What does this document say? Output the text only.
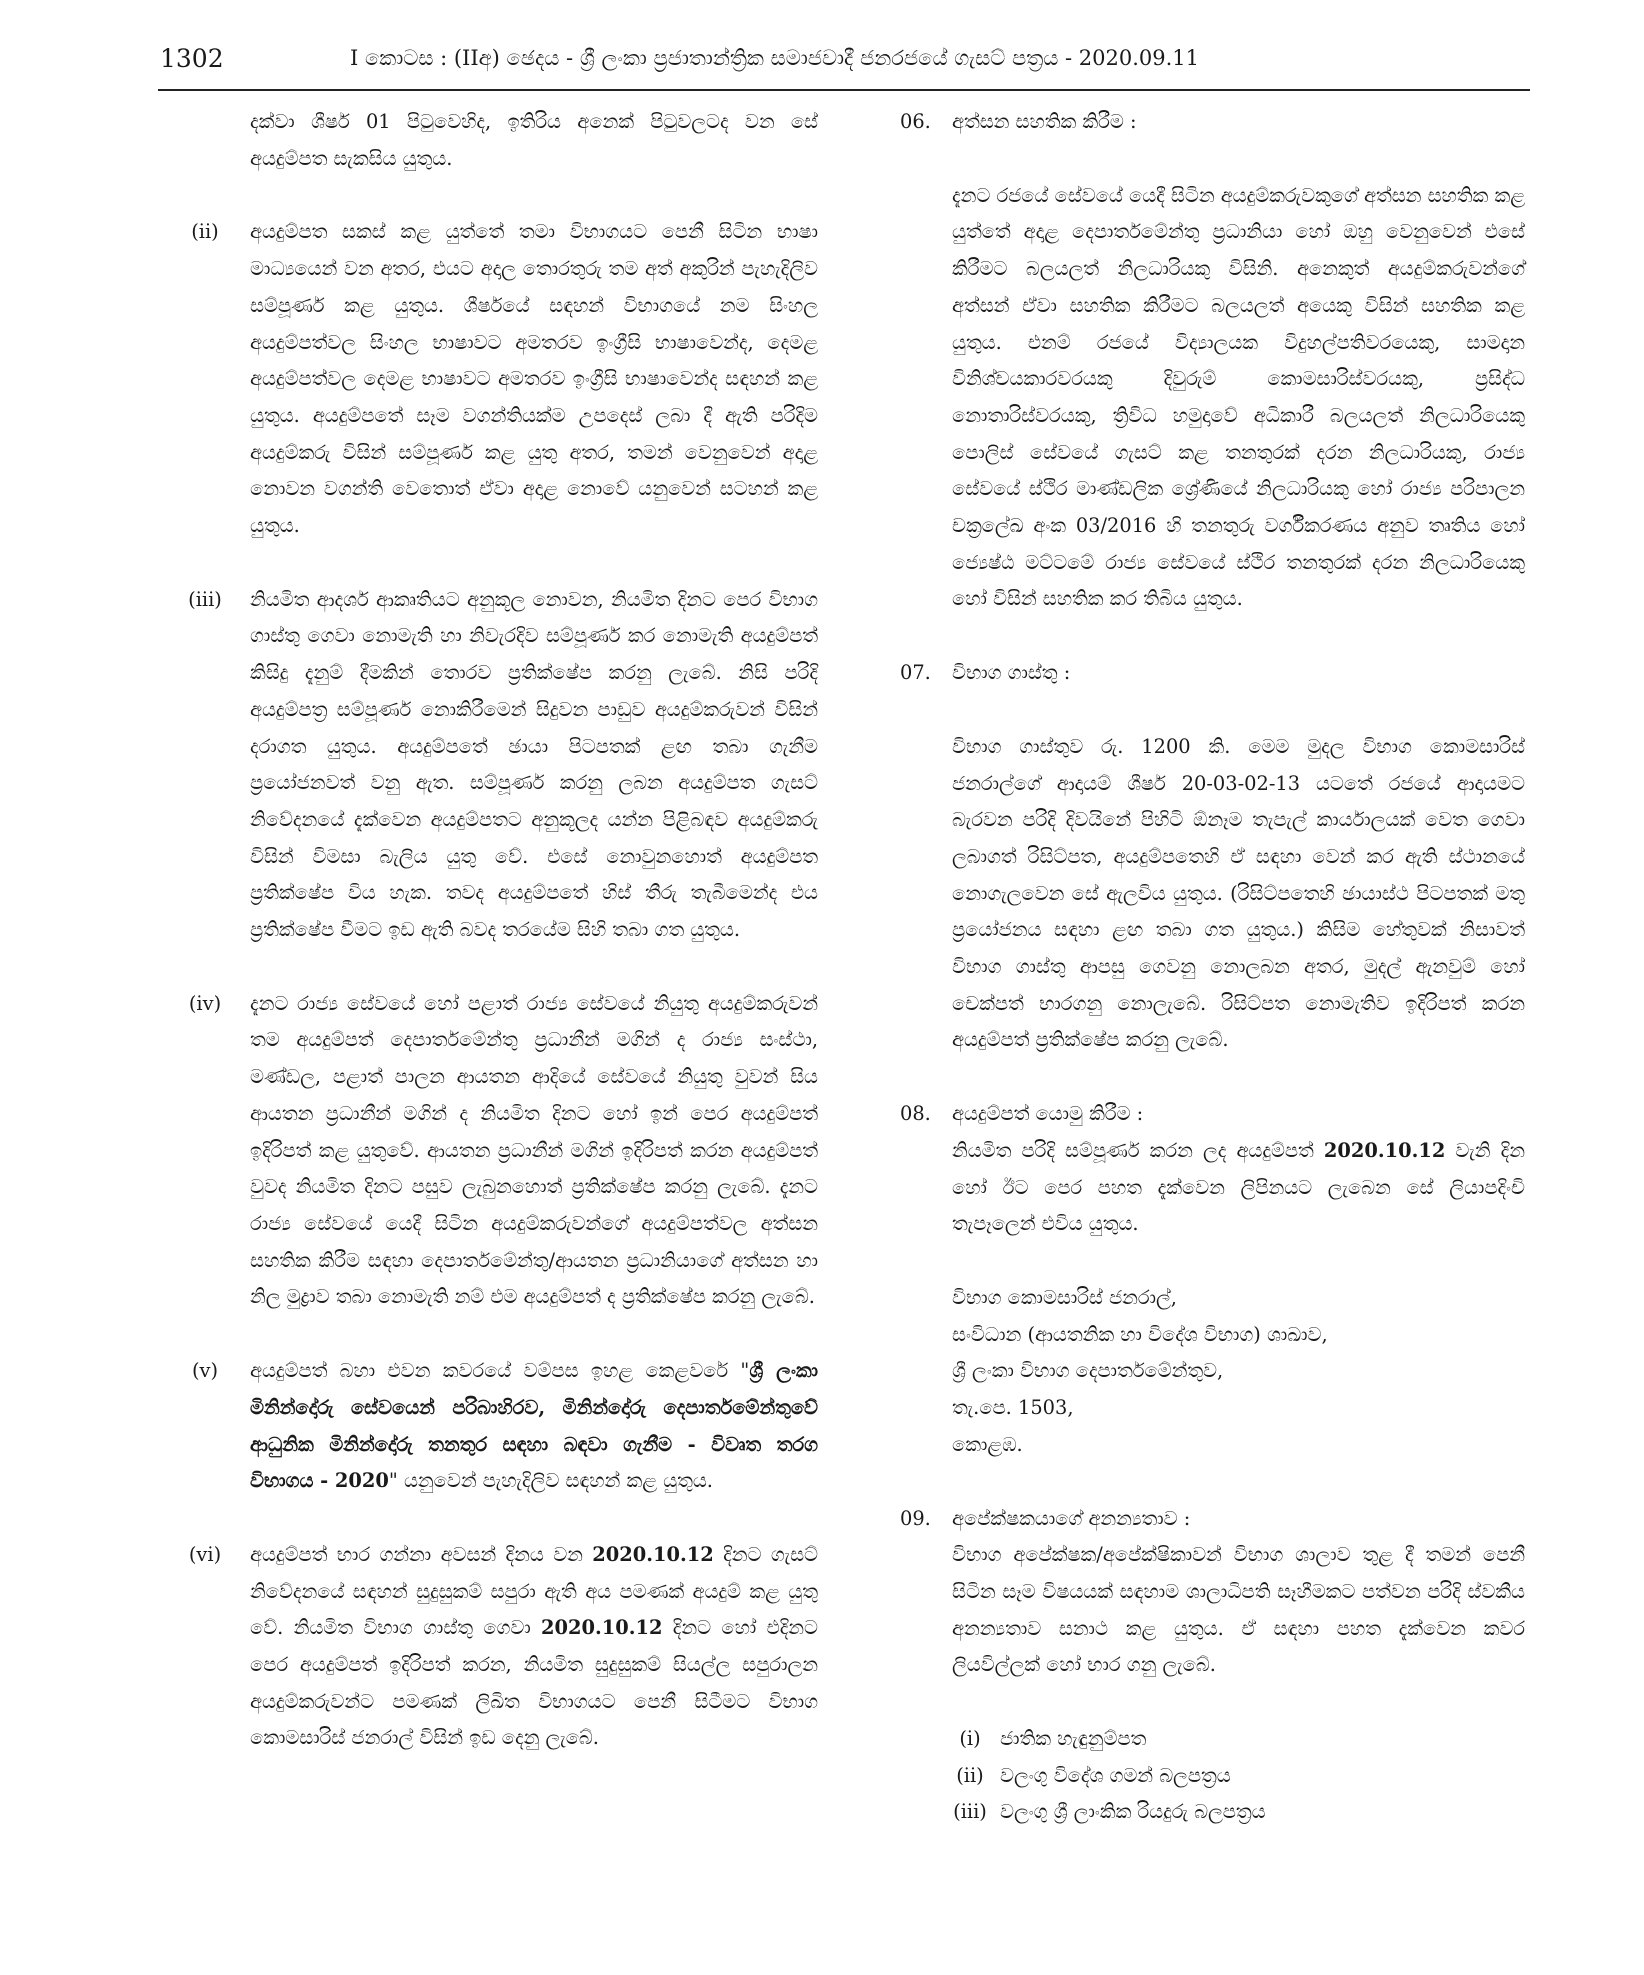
1302	I කොටස : (IIඅ) ඡෙදය - ශ්‍රී ලංකා ප්‍රජාතාන්ත්‍රික සමාජවාදී ජනරජයේ ගැසට් පත්‍රය - 2020.09.11

දක්වා ශීර්ෂ 01 පිටුවෙහිද, ඉතිරිය අනෙක් පිටුවලටද වන සේ අයදුම්පත සැකසිය යුතුය.

(ii)	අයදුම්පත සකස් කළ යුත්තේ තමා විභාගයට පෙනී සිටින භාෂා මාධ්‍යයෙන් වන අතර, එයට අදාල තොරතුරු තම අත් අකුරින් පැහැදිලිව සම්පූර්ණ කළ යුතුය. ශීර්ෂයේ සඳහන් විභාගයේ නම සිංහල අයදුම්පත්වල සිංහල භාෂාවට අමතරව ඉංග්‍රීසි භාෂාවෙන්ද, දෙමළ අයදුම්පත්වල දෙමළ භාෂාවට අමතරව ඉංග්‍රීසි භාෂාවෙන්ද සඳහන් කළ යුතුය. අයදුම්පතේ සෑම වගන්තියක්ම උපදෙස් ලබා දී ඇති පරිදිම අයදුම්කරු විසින් සම්පූර්ණ කළ යුතු අතර, තමන් වෙනුවෙන් අදාළ නොවන වගන්ති වෙතොත් ඒවා අදාළ නොවේ යනුවෙන් සටහන් කළ යුතුය.

(iii)	නියමිත ආදර්ශ ආකෘතියට අනුකූල නොවන, නියමිත දිනට පෙර විභාග ගාස්තු ගෙවා නොමැති හා නිවැරදිව සම්පූර්ණ කර නොමැති අයදුම්පත් කිසිදු දැනුම් දීමකින් තොරව ප්‍රතික්ෂේප කරනු ලැබේ. නිසි පරිදි අයදුම්පත්‍ර සම්පූර්ණ නොකිරීමෙන් සිදුවන පාඩුව අයදුම්කරුවන් විසින් දරාගත යුතුය. අයදුම්පතේ ඡායා පිටපතක් ළඟ තබා ගැනීම ප්‍රයෝජනවත් වනු ඇත. සම්පූර්ණ කරනු ලබන අයදුම්පත ගැසට් නිවේදනයේ දැක්වෙන අයදුම්පතට අනුකූලද යන්න පිළිබඳව අයදුම්කරු විසින් විමසා බැලිය යුතු වේ. එසේ නොවුනහොත් අයදුම්පත ප්‍රතික්ෂේප විය හැක. තවද අයදුම්පතේ හිස් තීරු තැබීමෙන්ද එය ප්‍රතික්ෂේප වීමට ඉඩ ඇති බවද තරයේම සිහි තබා ගත යුතුය.

(iv)	දැනට රාජ්‍ය සේවයේ හෝ පළාත් රාජ්‍ය සේවයේ නියුතු අයදුම්කරුවන් තම අයදුම්පත් දෙපාර්තමේන්තු ප්‍රධානීන් මගින් ද රාජ්‍ය සංස්ථා, මණ්ඩල, පළාත් පාලන ආයතන ආදියේ සේවයේ නියුතු වුවන් සිය ආයතන ප්‍රධානීන් මගින් ද නියමිත දිනට හෝ ඉන් පෙර අයදුම්පත් ඉදිරිපත් කළ යුතුවේ. ආයතන ප්‍රධානීන් මගින් ඉදිරිපත් කරන අයදුම්පත් වුවද නියමිත දිනට පසුව ලැබුනහොත් ප්‍රතික්ෂේප කරනු ලැබේ. දැනට රාජ්‍ය සේවයේ යෙදී සිටින අයදුම්කරුවන්ගේ අයදුම්පත්වල අත්සන සහතික කිරීම සඳහා දෙපාර්තමේන්තු/ආයතන ප්‍රධානියාගේ අත්සන හා නිල මුද්‍රාව තබා නොමැති නම් එම අයදුම්පත් ද ප්‍රතික්ෂේප කරනු ලැබේ.

(v)	අයදුම්පත් බහා එවන කවරයේ වම්පස ඉහළ කෙළවරේ "ශ්‍රී ලංකා මිනින්දෝරු සේවයෙන් පරිබාහිරව, මිනින්දෝරු දෙපාර්තමේන්තුවේ ආධුනික මිනින්දෝරු තනතුර සඳහා බඳවා ගැනීම - විවෘත තරග විභාගය - 2020" යනුවෙන් පැහැදිලිව සඳහන් කළ යුතුය.

(vi)	අයදුම්පත් භාර ගන්නා අවසන් දිනය වන 2020.10.12 දිනට ගැසට් නිවේදනයේ සඳහන් සුදුසුකම් සපුරා ඇති අය පමණක් අයදුම් කළ යුතු වේ. නියමිත විභාග ගාස්තු ගෙවා 2020.10.12 දිනට හෝ එදිනට පෙර අයදුම්පත් ඉදිරිපත් කරන, නියමිත සුදුසුකම් සියල්ල සපුරාලන අයදුම්කරුවන්ට පමණක් ලිඛිත විභාගයට පෙනී සිටීමට විභාග කොමසාරිස් ජනරාල් විසින් ඉඩ දෙනු ලැබේ.

06. අත්සන සහතික කිරීම :
දැනට රජයේ සේවයේ යෙදී සිටින අයදුම්කරුවකුගේ අත්සන සහතික කළ යුත්තේ අදාළ දෙපාර්තමේන්තු ප්‍රධානියා හෝ ඔහු වෙනුවෙන් එසේ කිරීමට බලයලත් නිලධාරියකු විසිනි. අනෙකුත් අයදුම්කරුවන්ගේ අත්සන් ඒවා සහතික කිරීමට බලයලත් අයෙකු විසින් සහතික කළ යුතුය. එනම් රජයේ විද්‍යාලයක විදුහල්පතිවරයෙකු, සාමදාන විනිශ්චයකාරවරයකු දිවුරුම් කොමසාරිස්වරයකු, ප්‍රසිද්ධ නොතාරිස්වරයකු, ත්‍රිවිධ හමුදාවේ අධිකාරී බලයලත් නිලධාරියෙකු පොලිස් සේවයේ ගැසට් කළ තනතුරක් දරන නිලධාරියකු, රාජ්‍ය සේවයේ ස්ථිර මාණ්ඩලික ශ්‍රේණියේ නිලධාරියකු හෝ රාජ්‍ය පරිපාලන චක්‍රලේඛ අංක 03/2016 හි තනතුරු වර්ගීකරණය අනුව තෘතිය හෝ ජ්‍යෙෂ්ඨ මට්ටමේ රාජ්‍ය සේවයේ ස්ථිර තනතුරක් දරන නිලධාරියෙකු හෝ විසින් සහතික කර තිබිය යුතුය.
07. විභාග ගාස්තු :
විභාග ගාස්තුව රු. 1200 කි. මෙම මුදල විභාග කොමසාරිස් ජනරාල්ගේ ආදායම් ශීර්ෂ 20-03-02-13 යටතේ රජයේ ආදායමට බැරවන පරිදි දිවයිනේ පිහිටි ඕනෑම තැපැල් කාර්යාලයක් වෙත ගෙවා ලබාගත් රිසිට්පත, අයදුම්පතෙහි ඒ සඳහා වෙන් කර ඇති ස්ථානයේ නොගැලවෙන සේ ඇලවිය යුතුය. (රිසිට්පතෙහි ඡායාස්ථ පිටපතක් මතු ප්‍රයෝජනය සඳහා ළඟ තබා ගත යුතුය.) කිසිම හේතුවක් නිසාවත් විභාග ගාස්තු ආපසු ගෙවනු නොලබන අතර, මුදල් ඇනවුම් හෝ චෙක්පත් භාරගනු නොලැබේ. රිසිට්පත නොමැතිව ඉදිරිපත් කරන අයදුම්පත් ප්‍රතික්ෂේප කරනු ලැබේ.
08. අයදුම්පත් යොමු කිරීම :
නියමිත පරිදි සම්පූර්ණ කරන ලද අයදුම්පත් 2020.10.12 වැනි දින හෝ ඊට පෙර පහත දැක්වෙන ලිපිනයට ලැබෙන සේ ලියාපදිංචි තැපෑලෙන් එවිය යුතුය.
විභාග කොමසාරිස් ජනරාල්,
සංවිධාන (ආයතනික හා විදේශ විභාග) ශාඛාව,
ශ්‍රී ලංකා විභාග දෙපාර්තමේන්තුව,
තැ.පෙ. 1503,
කොළඹ.
09. අපේක්ෂකයාගේ අනන්‍යතාව :
විභාග අපේක්ෂක/අපේක්ෂිකාවන් විභාග ශාලාව තුළ දී තමන් පෙනී සිටින සෑම විෂයයක් සඳහාම ශාලාධිපති සෑහීමකට පත්වන පරිදි ස්වකීය අනන්‍යතාව සනාථ කළ යුතුය. ඒ සඳහා පහත දැක්වෙන කවර ලියවිල්ලක් හෝ භාර ගනු ලැබේ.
(i) ජාතික හැඳුනුම්පත
(ii) වලංගු විදේශ ගමන් බලපත්‍රය
(iii) වලංගු ශ්‍රී ලාංකික රියදුරු බලපත්‍රය
